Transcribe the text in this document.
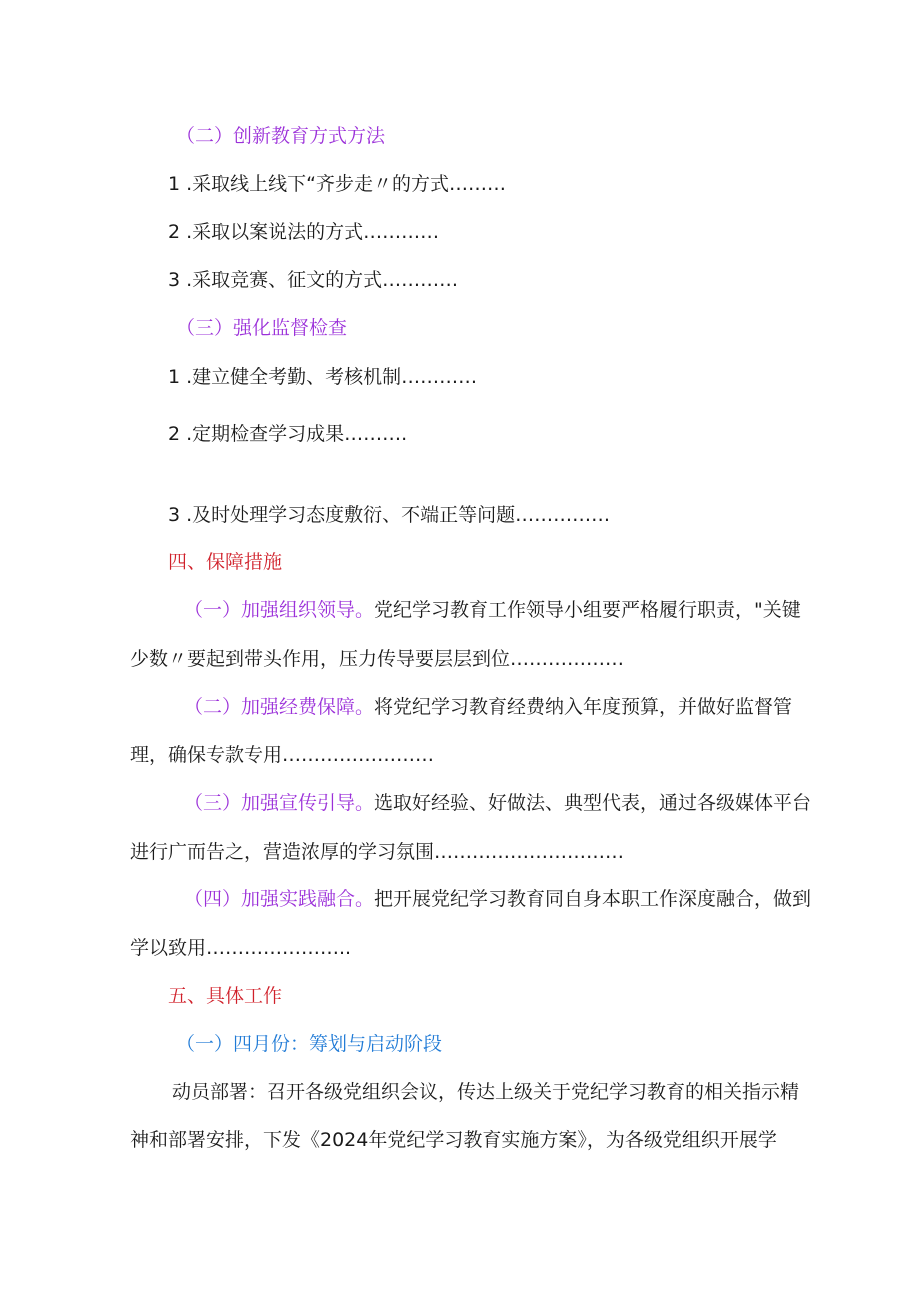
（二）创新教育方式方法
1 .采取线上线下“齐步走〃的方式………
2 .采取以案说法的方式…………
3 .采取竞赛、征文的方式…………
（三）强化监督检查
1 .建立健全考勤、考核机制…………
2 .定期检查学习成果……….
3 .及时处理学习态度敷衍、不端正等问题……………
四、保障措施
（一）加强组织领导。党纪学习教育工作领导小组要严格履行职责，"关键
少数〃要起到带头作用，压力传导要层层到位………………
（二）加强经费保障。将党纪学习教育经费纳入年度预算，并做好监督管
理，确保专款专用……………………
（三）加强宣传引导。选取好经验、好做法、典型代表，通过各级媒体平台
进行广而告之，营造浓厚的学习氛围…………………………
（四）加强实践融合。把开展党纪学习教育同自身本职工作深度融合，做到
学以致用…………………..
五、具体工作
（一）四月份：筹划与启动阶段
动员部署：召开各级党组织会议，传达上级关于党纪学习教育的相关指示精
神和部署安排，下发《2024年党纪学习教育实施方案》，为各级党组织开展学
